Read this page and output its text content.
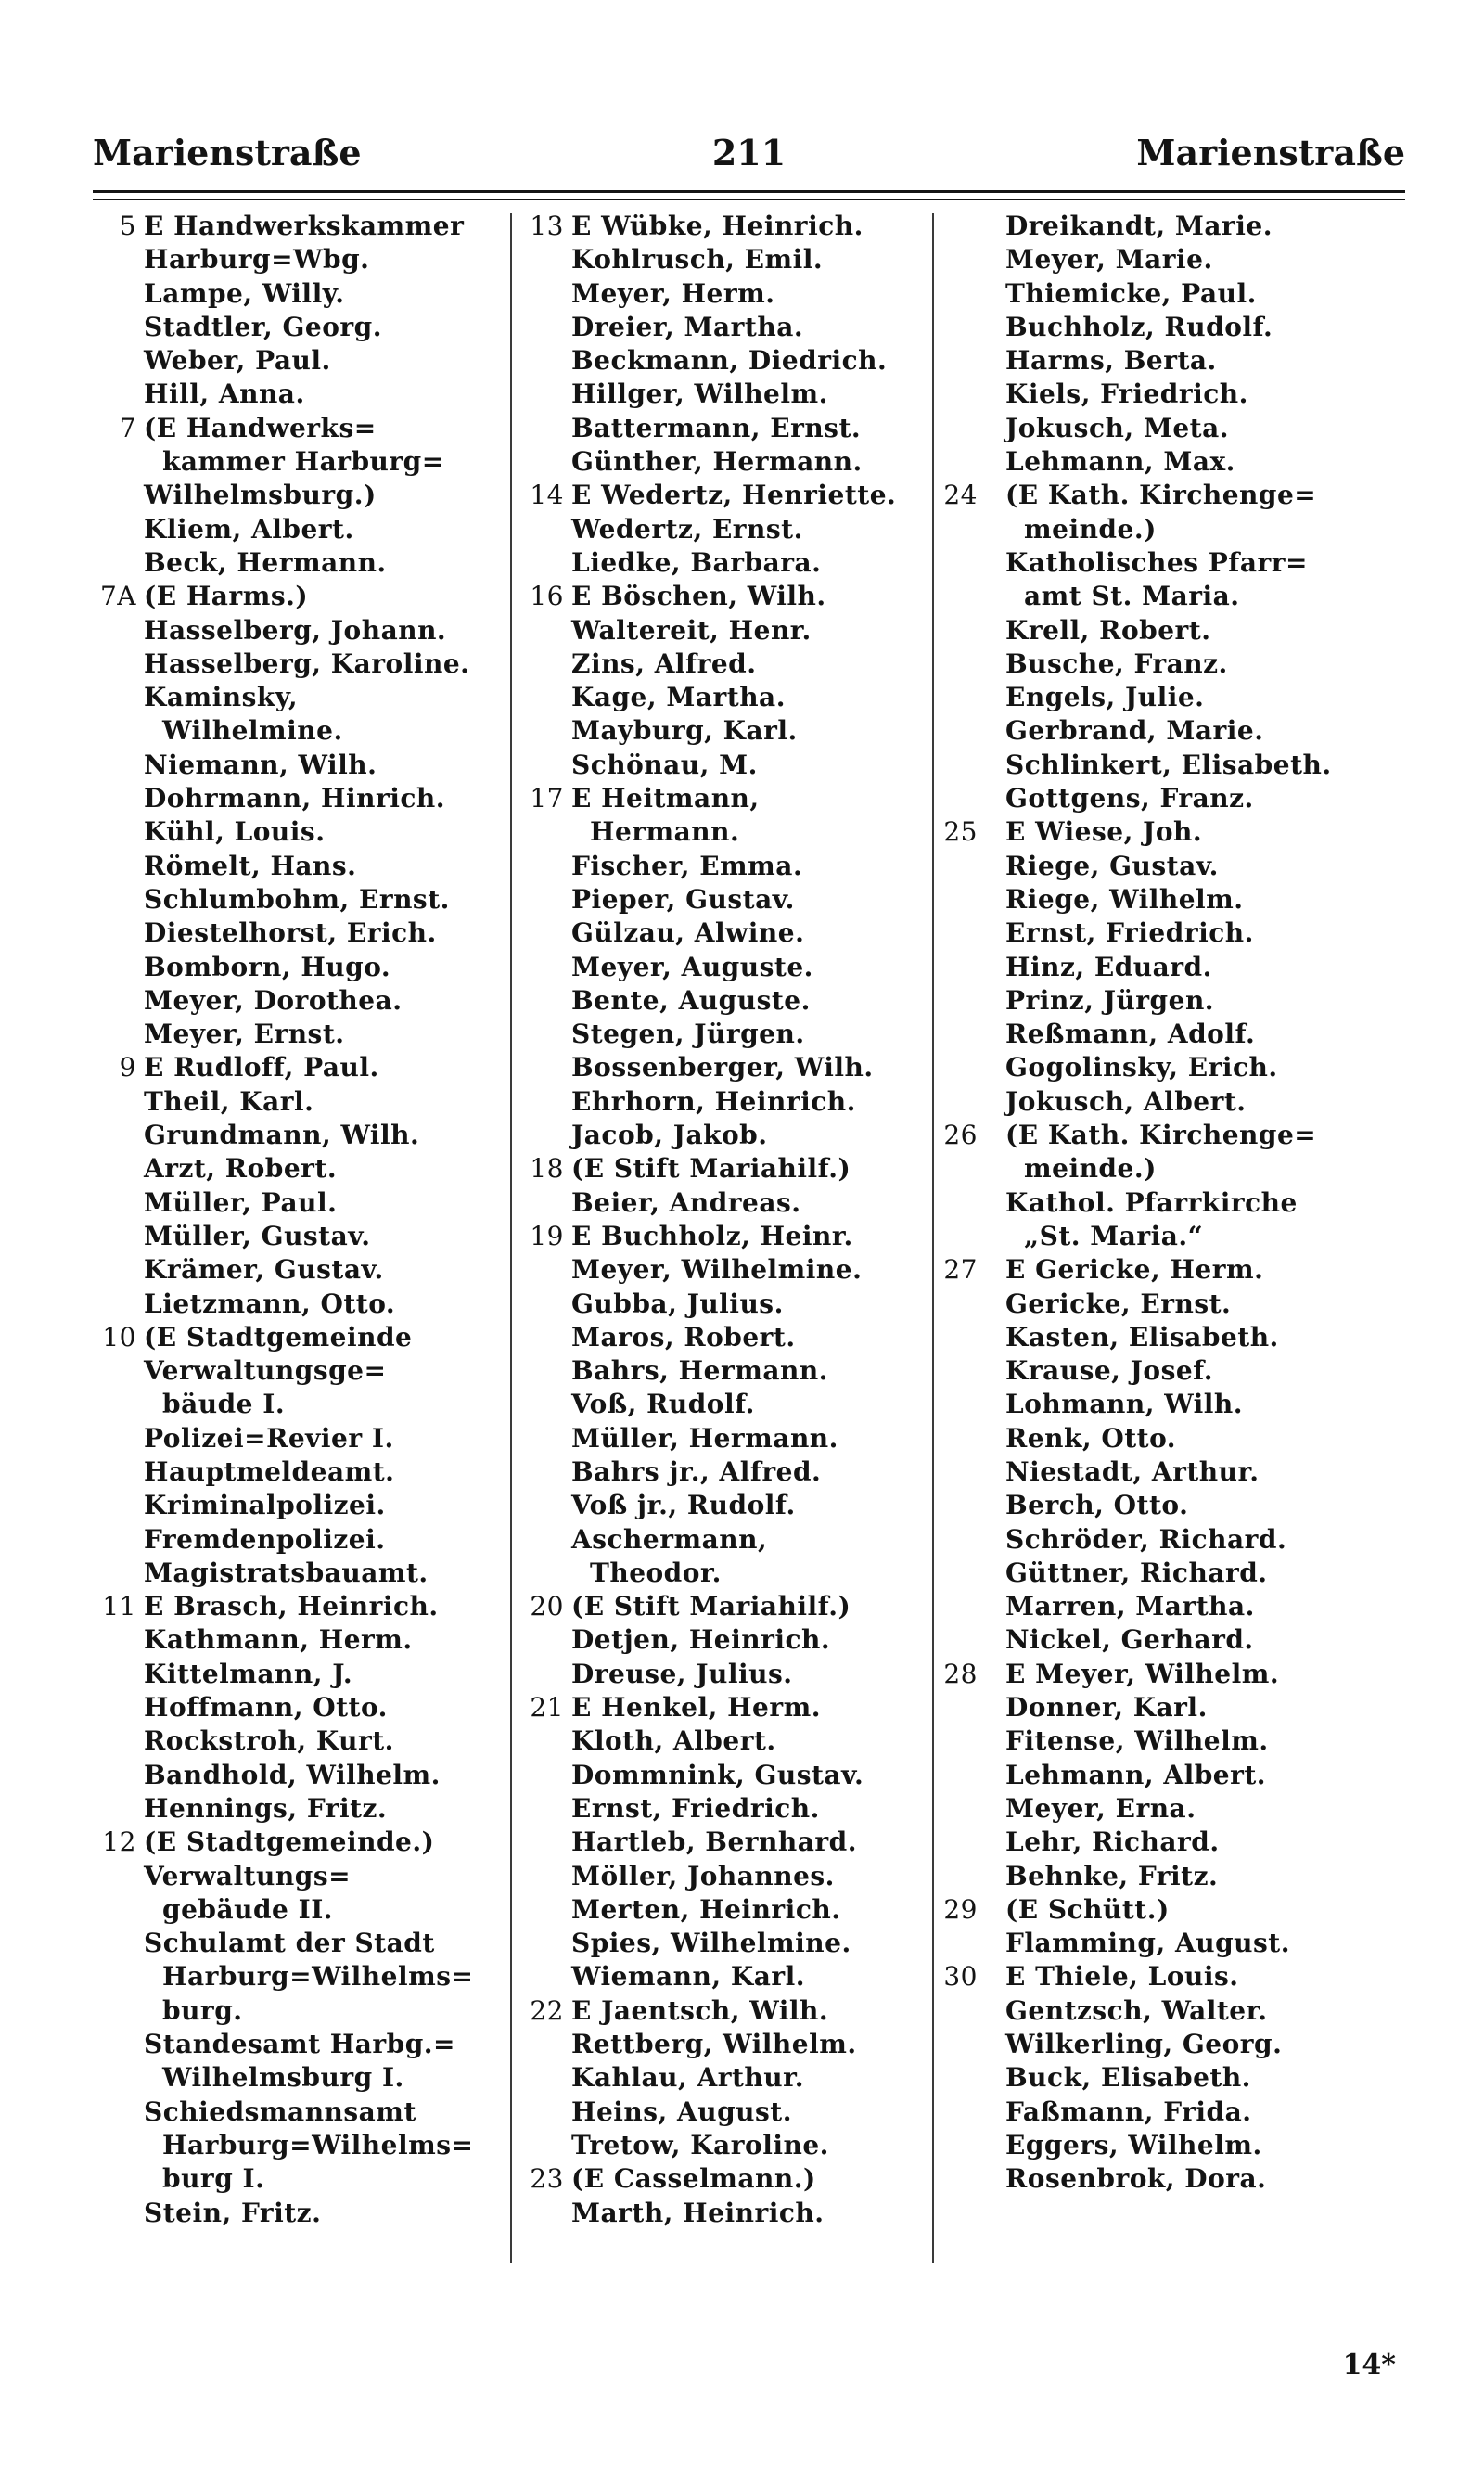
Marienstraße	211	Marienstraße
5 E Handwerkskammer
Harburg=Wbg.
Lampe, Willy.
Stadtler, Georg.
Weber, Paul.
Hill, Anna.
7 (E Handwerks=
kammer Harburg=
Wilhelmsburg.)
Kliem, Albert.
Beck, Hermann.
7A (E Harms.)
Hasselberg, Johann.
Hasselberg, Karoline.
Kaminsky,
Wilhelmine.
Niemann, Wilh.
Dohrmann, Hinrich.
Kühl, Louis.
Römelt, Hans.
Schlumbohm, Ernst.
Diestelhorst, Erich.
Bomborn, Hugo.
Meyer, Dorothea.
Meyer, Ernst.
9 E Rudloff, Paul.
Theil, Karl.
Grundmann, Wilh.
Arzt, Robert.
Müller, Paul.
Müller, Gustav.
Krämer, Gustav.
Lietzmann, Otto.
10 (E Stadtgemeinde
Verwaltungsge=
bäude I.
Polizei=Revier I.
Hauptmeldeamt.
Kriminalpolizei.
Fremdenpolizei.
Magistratsbauamt.
11 E Brasch, Heinrich.
Kathmann, Herm.
Kittelmann, J.
Hoffmann, Otto.
Rockstroh, Kurt.
Bandhold, Wilhelm.
Hennings, Fritz.
12 (E Stadtgemeinde.)
Verwaltungs=
gebäude II.
Schulamt der Stadt
Harburg=Wilhelms=
burg.
Standesamt Harbg.=
Wilhelmsburg I.
Schiedsmannsamt
Harburg=Wilhelms=
burg I.
Stein, Fritz.
13 E Wübke, Heinrich.
Kohlrusch, Emil.
Meyer, Herm.
Dreier, Martha.
Beckmann, Diedrich.
Hillger, Wilhelm.
Battermann, Ernst.
Günther, Hermann.
14 E Wedertz, Henriette.
Wedertz, Ernst.
Liedke, Barbara.
16 E Böschen, Wilh.
Waltereit, Henr.
Zins, Alfred.
Kage, Martha.
Mayburg, Karl.
Schönau, M.
17 E Heitmann,
Hermann.
Fischer, Emma.
Pieper, Gustav.
Gülzau, Alwine.
Meyer, Auguste.
Bente, Auguste.
Stegen, Jürgen.
Bossenberger, Wilh.
Ehrhorn, Heinrich.
Jacob, Jakob.
18 (E Stift Mariahilf.)
Beier, Andreas.
19 E Buchholz, Heinr.
Meyer, Wilhelmine.
Gubba, Julius.
Maros, Robert.
Bahrs, Hermann.
Voß, Rudolf.
Müller, Hermann.
Bahrs jr., Alfred.
Voß jr., Rudolf.
Aschermann,
Theodor.
20 (E Stift Mariahilf.)
Detjen, Heinrich.
Dreuse, Julius.
21 E Henkel, Herm.
Kloth, Albert.
Dommnink, Gustav.
Ernst, Friedrich.
Hartleb, Bernhard.
Möller, Johannes.
Merten, Heinrich.
Spies, Wilhelmine.
Wiemann, Karl.
22 E Jaentsch, Wilh.
Rettberg, Wilhelm.
Kahlau, Arthur.
Heins, August.
Tretow, Karoline.
23 (E Casselmann.)
Marth, Heinrich.
Dreikandt, Marie.
Meyer, Marie.
Thiemicke, Paul.
Buchholz, Rudolf.
Harms, Berta.
Kiels, Friedrich.
Jokusch, Meta.
Lehmann, Max.
24 (E Kath. Kirchenge=
meinde.)
Katholisches Pfarr=
amt St. Maria.
Krell, Robert.
Busche, Franz.
Engels, Julie.
Gerbrand, Marie.
Schlinkert, Elisabeth.
Gottgens, Franz.
25 E Wiese, Joh.
Riege, Gustav.
Riege, Wilhelm.
Ernst, Friedrich.
Hinz, Eduard.
Prinz, Jürgen.
Reßmann, Adolf.
Gogolinsky, Erich.
Jokusch, Albert.
26 (E Kath. Kirchenge=
meinde.)
Kathol. Pfarrkirche
„St. Maria.“
27 E Gericke, Herm.
Gericke, Ernst.
Kasten, Elisabeth.
Krause, Josef.
Lohmann, Wilh.
Renk, Otto.
Niestadt, Arthur.
Berch, Otto.
Schröder, Richard.
Güttner, Richard.
Marren, Martha.
Nickel, Gerhard.
28 E Meyer, Wilhelm.
Donner, Karl.
Fitense, Wilhelm.
Lehmann, Albert.
Meyer, Erna.
Lehr, Richard.
Behnke, Fritz.
29 (E Schütt.)
Flamming, August.
30 E Thiele, Louis.
Gentzsch, Walter.
Wilkerling, Georg.
Buck, Elisabeth.
Faßmann, Frida.
Eggers, Wilhelm.
Rosenbrok, Dora.
14*
